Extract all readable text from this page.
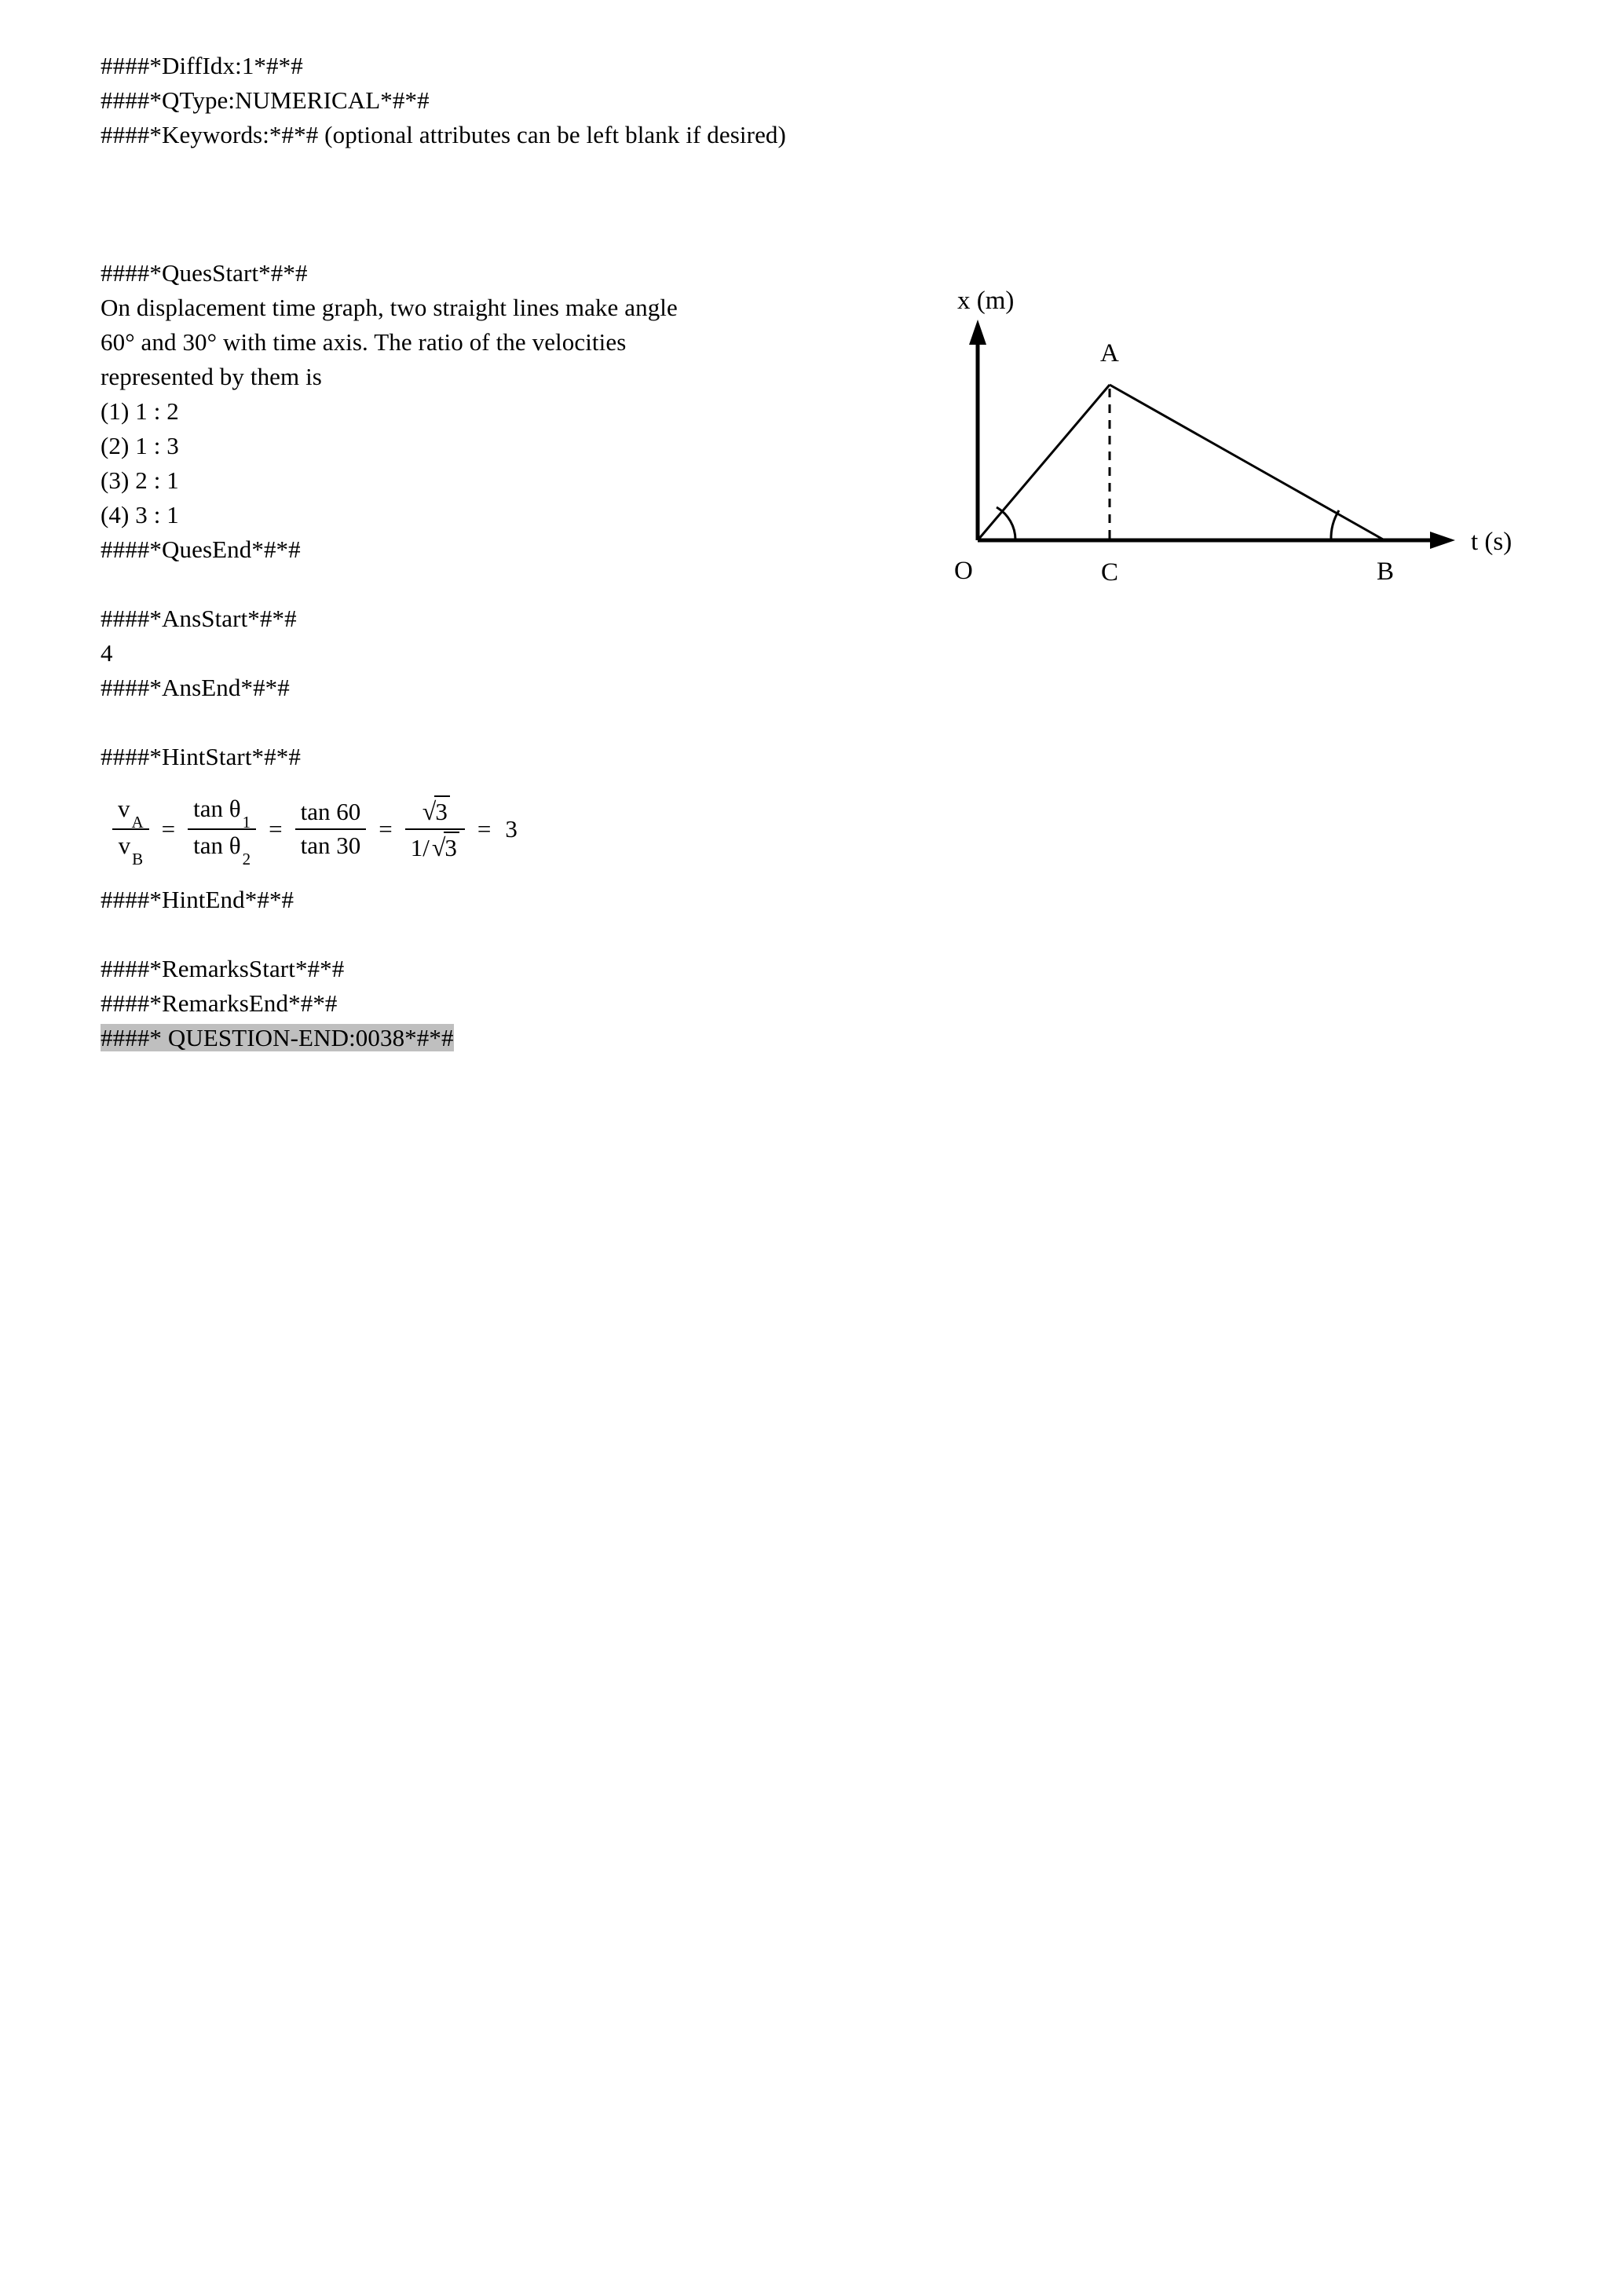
####*DiffIdx:1*#*#
####*QType:NUMERICAL*#*#
####*Keywords:*#*# (optional attributes can be left blank if desired)
####*QuesStart*#*#
On displacement time graph, two straight lines make angle
60° and 30° with time axis. The ratio of the velocities
represented by them is
(1) 1 : 2
(2) 1 : 3
(3) 2 : 1
(4) 3 : 1
####*QuesEnd*#*#
####*AnsStart*#*#
4
####*AnsEnd*#*#
####*HintStart*#*#
$\frac{v_A}{v_B} = \frac{\tan \theta_1}{\tan \theta_2} = \frac{\tan 60}{\tan 30} = \frac{√3}{1/√3} = 3$
####*HintEnd*#*#
####*RemarksStart*#*#
####*RemarksEnd*#*#
####* QUESTION-END:0038*#*#
x (m)
t (s)
O
A
C	B
